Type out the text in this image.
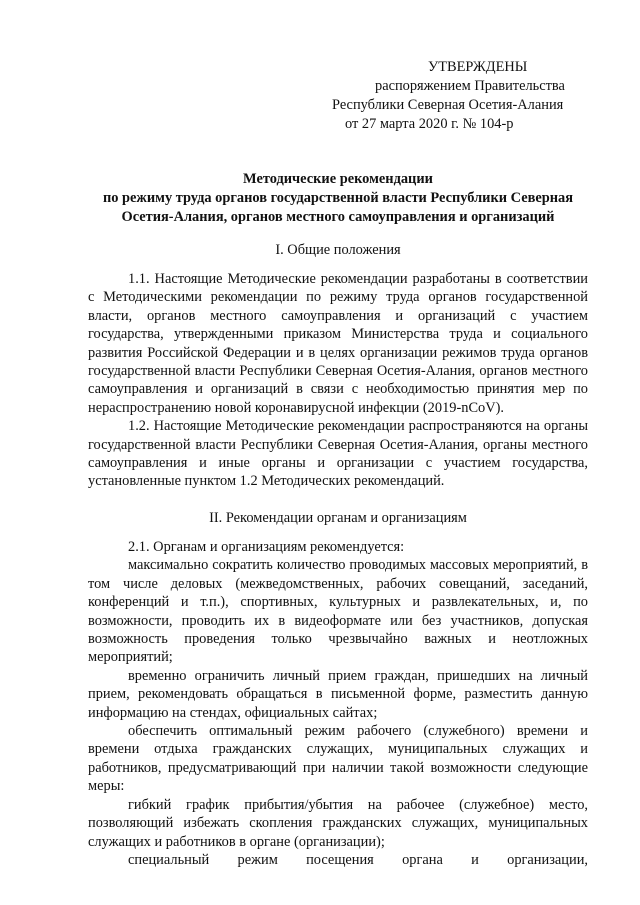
УТВЕРЖДЕНЫ
распоряжением Правительства
Республики Северная Осетия-Алания
от 27 марта 2020 г. № 104-р
Методические рекомендации
по режиму труда органов государственной власти Республики Северная
Осетия-Алания, органов местного самоуправления и организаций
I. Общие положения

1.1. Настоящие Методические рекомендации разработаны в соответствии с Методическими рекомендации по режиму труда органов государственной власти, органов местного самоуправления и организаций с участием государства, утвержденными приказом Министерства труда и социального развития Российской Федерации и в целях организации режимов труда органов государственной власти Республики Северная Осетия-Алания, органов местного самоуправления и организаций в связи с необходимостью принятия мер по нераспространению новой коронавирусной инфекции (2019-nCoV).

1.2. Настоящие Методические рекомендации распространяются на органы государственной власти Республики Северная Осетия-Алания, органы местного самоуправления и иные органы и организации с участием государства, установленные пунктом 1.2 Методических рекомендаций.

II. Рекомендации органам и организациям

2.1. Органам и организациям рекомендуется:

максимально сократить количество проводимых массовых мероприятий, в том числе деловых (межведомственных, рабочих совещаний, заседаний, конференций и т.п.), спортивных, культурных и развлекательных, и, по возможности, проводить их в видеоформате или без участников, допуская возможность проведения только чрезвычайно важных и неотложных мероприятий;

временно ограничить личный прием граждан, пришедших на личный прием, рекомендовать обращаться в письменной форме, разместить данную информацию на стендах, официальных сайтах;

обеспечить оптимальный режим рабочего (служебного) времени и времени отдыха гражданских служащих, муниципальных служащих и работников, предусматривающий при наличии такой возможности следующие меры:

гибкий график прибытия/убытия на рабочее (служебное) место, позволяющий избежать скопления гражданских служащих, муниципальных служащих и работников в органе (организации);

специальный режим посещения органа и организации,
